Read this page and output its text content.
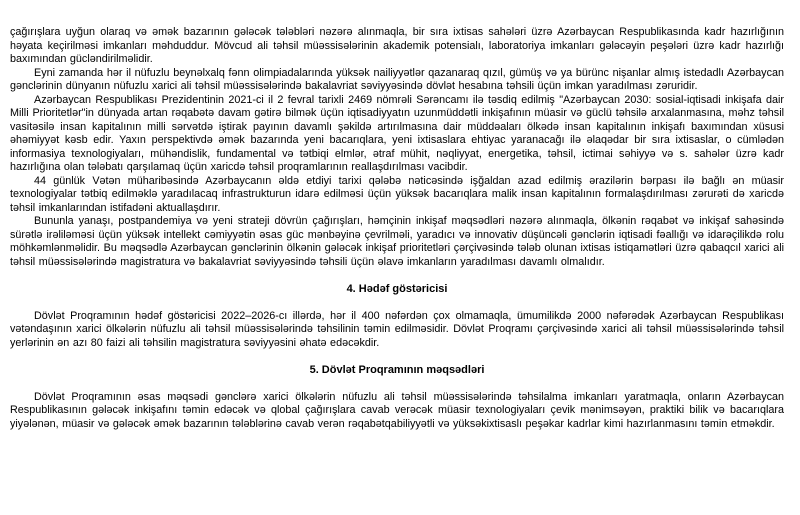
çağırışlara uyğun olaraq və əmək bazarının gələcək tələbləri nəzərə alınmaqla, bir sıra ixtisas sahələri üzrə Azərbaycan Respublikasında kadr hazırlığının həyata keçirilməsi imkanları məhduddur. Mövcud ali təhsil müəssisələrinin akademik potensialı, laboratoriya imkanları gələcəyin peşələri üzrə kadr hazırlığı baxımından gücləndirilməlidir.

Eyni zamanda hər il nüfuzlu beynəlxalq fənn olimpiadalarında yüksək nailiyyətlər qazanaraq qızıl, gümüş və ya bürünc nişanlar almış istedadlı Azərbaycan gənclərinin dünyanın nüfuzlu xarici ali təhsil müəssisələrində bakalavriat səviyyəsində dövlət hesabına təhsili üçün imkan yaradılması zəruridir.

Azərbaycan Respublikası Prezidentinin 2021-ci il 2 fevral tarixli 2469 nömrəli Sərəncamı ilə təsdiq edilmiş "Azərbaycan 2030: sosial-iqtisadi inkişafa dair Milli Prioritetlər"in dünyada artan rəqabətə davam gətirə bilmək üçün iqtisadiyyatın uzunmüddətli inkişafının müasir və güclü təhsilə arxalanmasına, məhz təhsil vasitəsilə insan kapitalının milli sərvətdə iştirak payının davamlı şəkildə artırılmasına dair müddəaları ölkədə insan kapitalının inkişafı baxımından xüsusi əhəmiyyət kəsb edir. Yaxın perspektivdə əmək bazarında yeni bacarıqlara, yeni ixtisaslara ehtiyac yaranacağı ilə əlaqədar bir sıra ixtisaslar, o cümlədən informasiya texnologiyaları, mühəndislik, fundamental və tətbiqi elmlər, ətraf mühit, nəqliyyat, energetika, təhsil, ictimai səhiyyə və s. sahələr üzrə kadr hazırlığına olan tələbatı qarşılamaq üçün xaricdə təhsil proqramlarının reallaşdırılması vacibdir.

44 günlük Vətən müharibəsində Azərbaycanın əldə etdiyi tarixi qələbə nəticəsində işğaldan azad edilmiş ərazilərin bərpası ilə bağlı ən müasir texnologiyalar tətbiq edilməklə yaradılacaq infrastrukturun idarə edilməsi üçün yüksək bacarıqlara malik insan kapitalının formalaşdırılması zərurəti də xaricdə təhsil imkanlarından istifadəni aktuallaşdırır.

Bununla yanaşı, postpandemiya və yeni strateji dövrün çağırışları, həmçinin inkişaf məqsədləri nəzərə alınmaqla, ölkənin rəqabət və inkişaf sahəsində sürətlə irəliləməsi üçün yüksək intellekt cəmiyyətin əsas güc mənbəyinə çevrilməli, yaradıcı və innovativ düşüncəli gənclərin iqtisadi fəallığı və idarəçilikdə rolu möhkəmlənməlidir. Bu məqsədlə Azərbaycan gənclərinin ölkənin gələcək inkişaf prioritetləri çərçivəsində tələb olunan ixtisas istiqamətləri üzrə qabaqcıl xarici ali təhsil müəssisələrində magistratura və bakalavriat səviyyəsində təhsili üçün əlavə imkanların yaradılması davamlı olmalıdır.

4. Hədəf göstəricisi

Dövlət Proqramının hədəf göstəricisi 2022–2026-cı illərdə, hər il 400 nəfərdən çox olmamaqla, ümumilikdə 2000 nəfərədək Azərbaycan Respublikası vətəndaşının xarici ölkələrin nüfuzlu ali təhsil müəssisələrində təhsilinin təmin edilməsidir. Dövlət Proqramı çərçivəsində xarici ali təhsil müəssisələrində təhsil yerlərinin ən azı 80 faizi ali təhsilin magistratura səviyyəsini əhatə edəcəkdir.

5. Dövlət Proqramının məqsədləri

Dövlət Proqramının əsas məqsədi gənclərə xarici ölkələrin nüfuzlu ali təhsil müəssisələrində təhsilalma imkanları yaratmaqla, onların Azərbaycan Respublikasının gələcək inkişafını təmin edəcək və qlobal çağırışlara cavab verəcək müasir texnologiyaları çevik mənimsəyən, praktiki bilik və bacarıqlara yiyələnən, müasir və gələcək əmək bazarının tələblərinə cavab verən rəqabətqabiliyyətli və yüksəkixtisaslı peşəkar kadrlar kimi hazırlanmasını təmin etməkdir.
